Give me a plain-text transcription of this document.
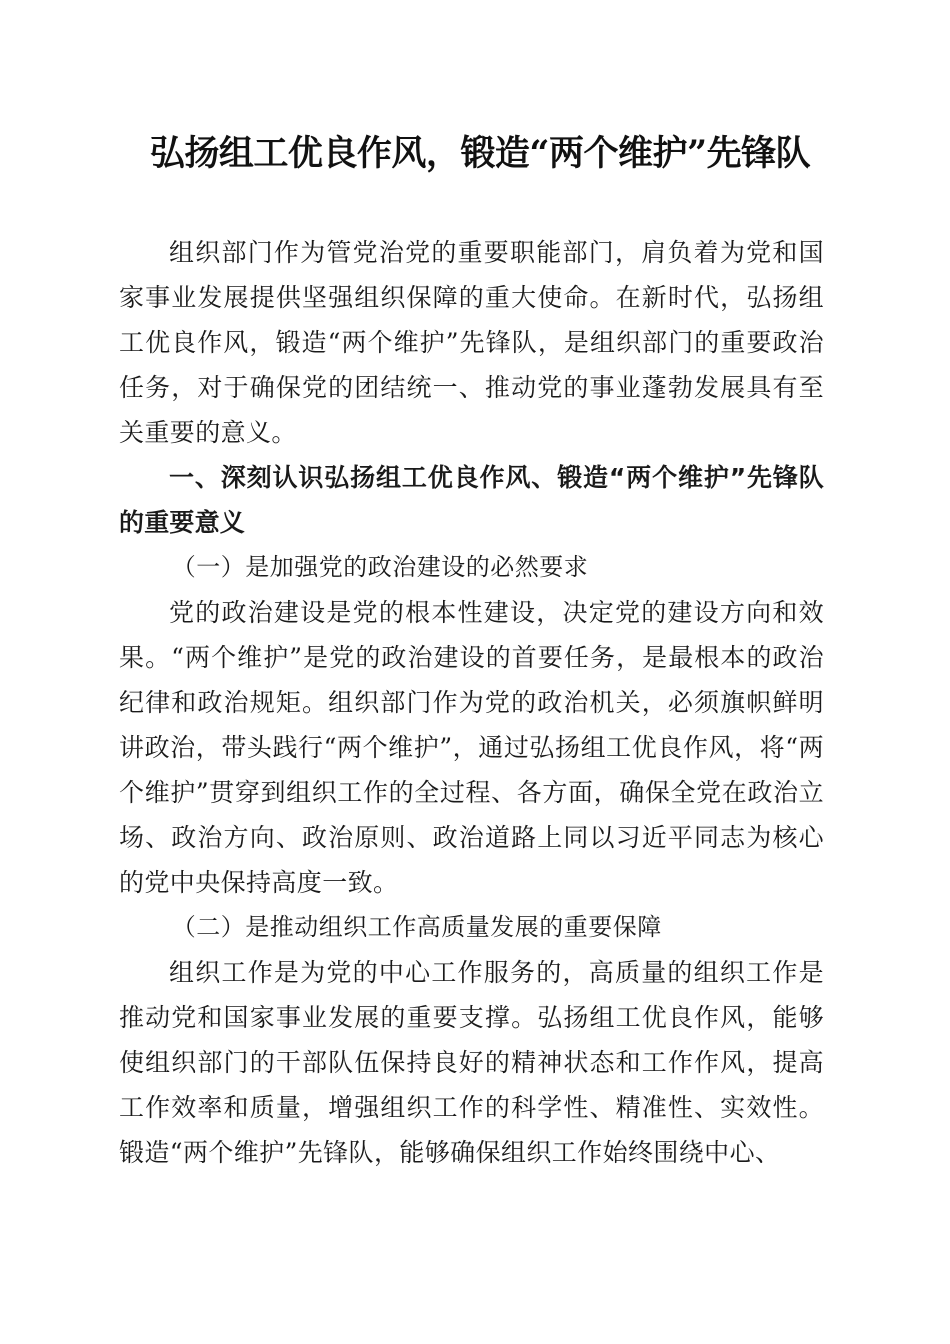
弘扬组工优良作风，锻造“两个维护”先锋队

组织部门作为管党治党的重要职能部门，肩负着为党和国家事业发展提供坚强组织保障的重大使命。在新时代，弘扬组工优良作风，锻造“两个维护”先锋队，是组织部门的重要政治任务，对于确保党的团结统一、推动党的事业蓬勃发展具有至关重要的意义。

一、深刻认识弘扬组工优良作风、锻造“两个维护”先锋队的重要意义
（一）是加强党的政治建设的必然要求

党的政治建设是党的根本性建设，决定党的建设方向和效果。“两个维护”是党的政治建设的首要任务，是最根本的政治纪律和政治规矩。组织部门作为党的政治机关，必须旗帜鲜明讲政治，带头践行“两个维护”，通过弘扬组工优良作风，将“两个维护”贯穿到组织工作的全过程、各方面，确保全党在政治立场、政治方向、政治原则、政治道路上同以习近平同志为核心的党中央保持高度一致。

（二）是推动组织工作高质量发展的重要保障

组织工作是为党的中心工作服务的，高质量的组织工作是推动党和国家事业发展的重要支撑。弘扬组工优良作风，能够使组织部门的干部队伍保持良好的精神状态和工作作风，提高工作效率和质量，增强组织工作的科学性、精准性、实效性。锻造“两个维护”先锋队，能够确保组织工作始终围绕中心、
